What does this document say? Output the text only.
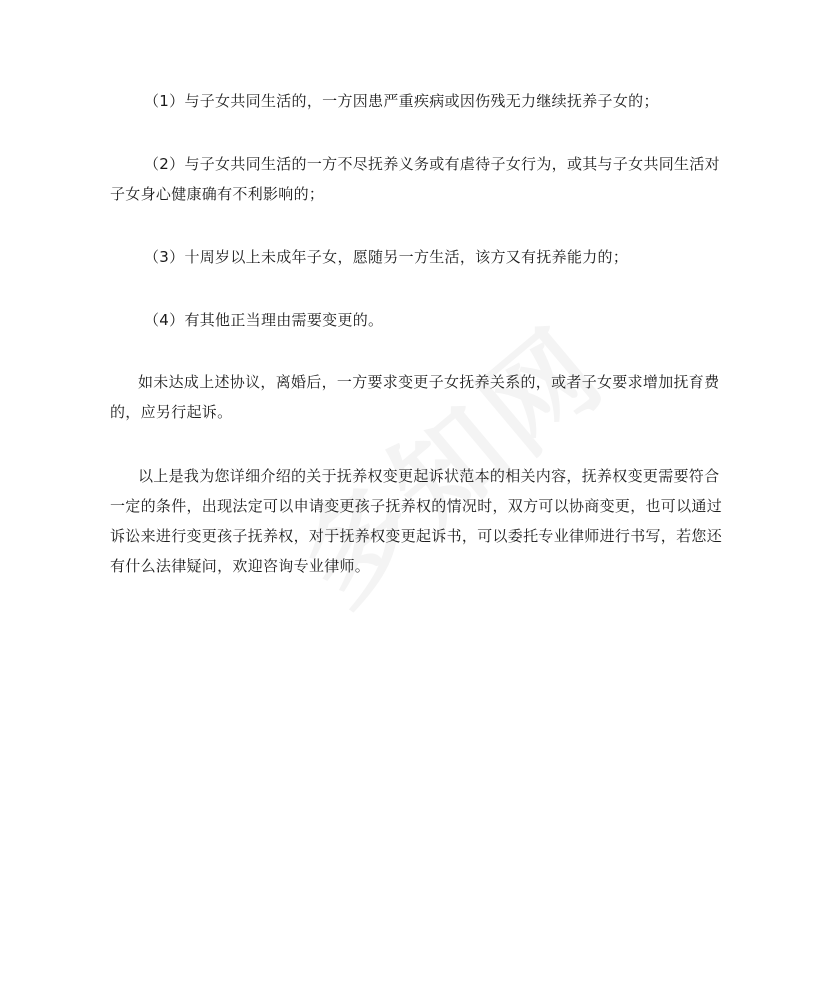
（1）与子女共同生活的，一方因患严重疾病或因伤残无力继续抚养子女的；

（2）与子女共同生活的一方不尽抚养义务或有虐待子女行为，或其与子女共同生活对子女身心健康确有不利影响的；

（3）十周岁以上未成年子女，愿随另一方生活，该方又有抚养能力的；

（4）有其他正当理由需要变更的。

如未达成上述协议，离婚后，一方要求变更子女抚养关系的，或者子女要求增加抚育费的，应另行起诉。

以上是我为您详细介绍的关于抚养权变更起诉状范本的相关内容，抚养权变更需要符合一定的条件，出现法定可以申请变更孩子抚养权的情况时，双方可以协商变更，也可以通过诉讼来进行变更孩子抚养权，对于抚养权变更起诉书，可以委托专业律师进行书写，若您还有什么法律疑问，欢迎咨询专业律师。
